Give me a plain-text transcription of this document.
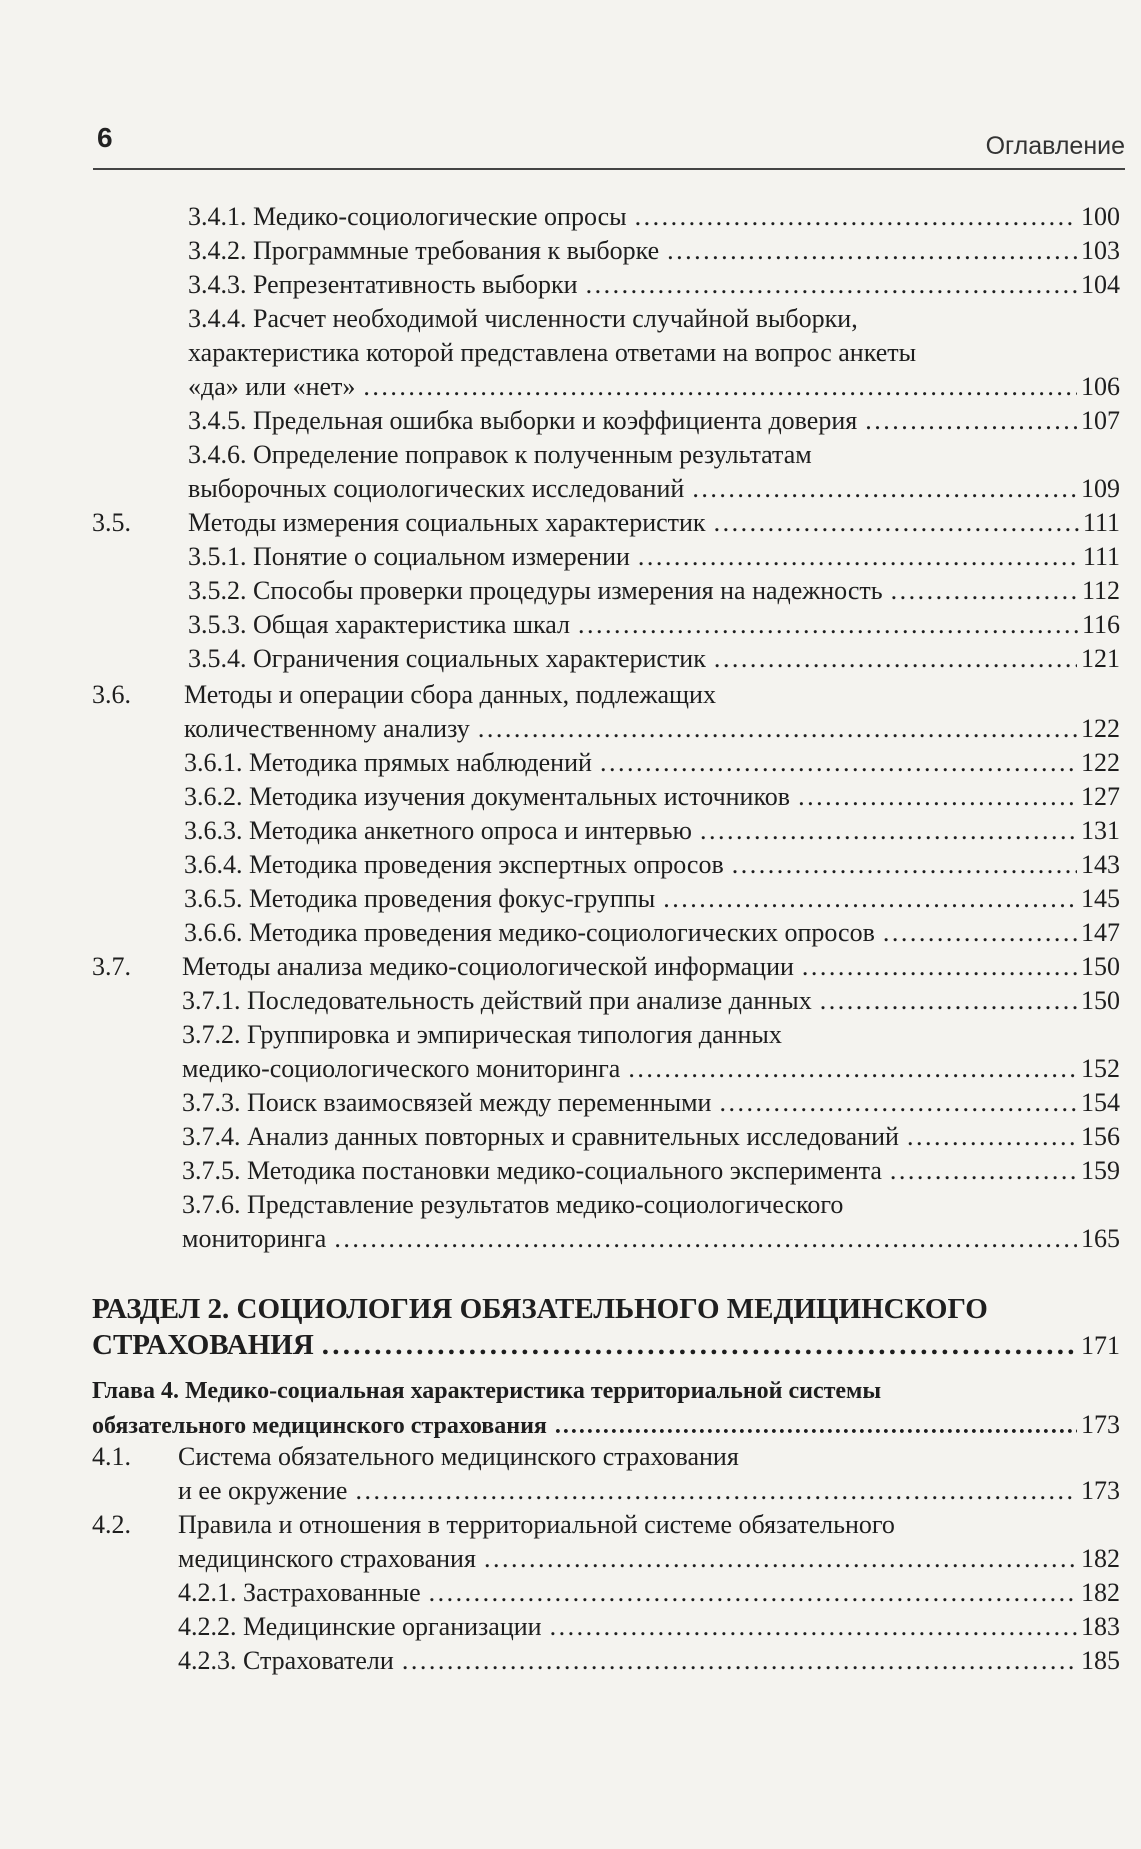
6	Оглавление
3.4.1. Медико-социологические опросы . . .	100
3.4.2. Программные требования к выборке . . .	103
3.4.3. Репрезентативность выборки . . .	104
3.4.4. Расчет необходимой численности случайной выборки,
характеристика которой представлена ответами на вопрос анкеты
«да» или «нет» . . .	106
3.4.5. Предельная ошибка выборки и коэффициента доверия . . .	107
3.4.6. Определение поправок к полученным результатам
выборочных социологических исследований . . .	109
3.5. Методы измерения социальных характеристик . . .	111
3.5.1. Понятие о социальном измерении . . .	111
3.5.2. Способы проверки процедуры измерения на надежность . . .	112
3.5.3. Общая характеристика шкал . . .	116
3.5.4. Ограничения социальных характеристик . . .	121
3.6. Методы и операции сбора данных, подлежащих
количественному анализу . . .	122
3.6.1. Методика прямых наблюдений . . .	122
3.6.2. Методика изучения документальных источников . . .	127
3.6.3. Методика анкетного опроса и интервью . . .	131
3.6.4. Методика проведения экспертных опросов . . .	143
3.6.5. Методика проведения фокус-группы . . .	145
3.6.6. Методика проведения медико-социологических опросов . . .	147
3.7. Методы анализа медико-социологической информации . . .	150
3.7.1. Последовательность действий при анализе данных . . .	150
3.7.2. Группировка и эмпирическая типология данных
медико-социологического мониторинга . . .	152
3.7.3. Поиск взаимосвязей между переменными . . .	154
3.7.4. Анализ данных повторных и сравнительных исследований . . .	156
3.7.5. Методика постановки медико-социального эксперимента . . .	159
3.7.6. Представление результатов медико-социологического
мониторинга . . .	165
РАЗДЕЛ 2. СОЦИОЛОГИЯ ОБЯЗАТЕЛЬНОГО МЕДИЦИНСКОГО
СТРАХОВАНИЯ . . .	171
Глава 4. Медико-социальная характеристика территориальной системы
обязательного медицинского страхования . . .	173
4.1. Система обязательного медицинского страхования
и ее окружение . . .	173
4.2. Правила и отношения в территориальной системе обязательного
медицинского страхования . . .	182
4.2.1. Застрахованные . . .	182
4.2.2. Медицинские организации . . .	183
4.2.3. Страхователи . . .	185
